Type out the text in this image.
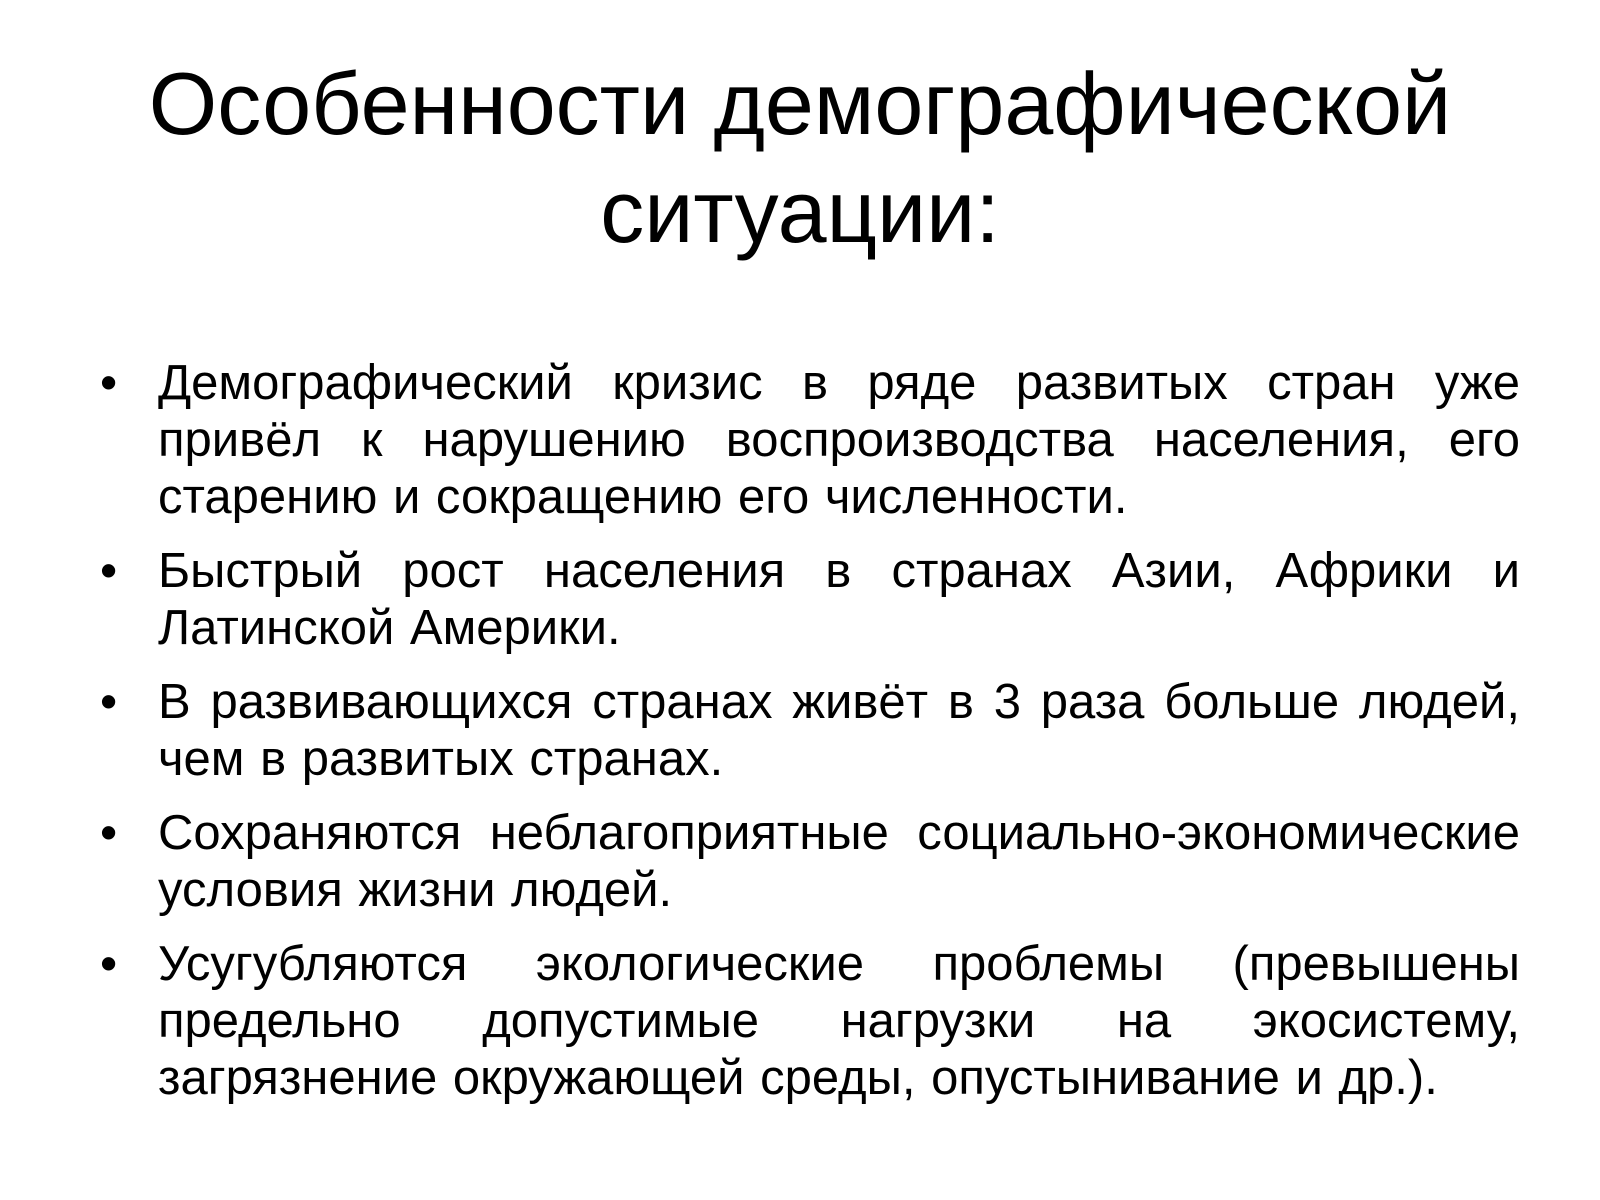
Особенности демографической ситуации:
• Демографический кризис в ряде развитых стран уже привёл к нарушению воспроизводства населения, его старению и сокращению его численности.
• Быстрый рост населения в странах Азии, Африки и Латинской Америки.
• В развивающихся странах живёт в 3 раза больше людей, чем в развитых странах.
• Сохраняются неблагоприятные социально-экономические условия жизни людей.
• Усугубляются экологические проблемы (превышены предельно допустимые нагрузки на экосистему, загрязнение окружающей среды, опустынивание и др.).
